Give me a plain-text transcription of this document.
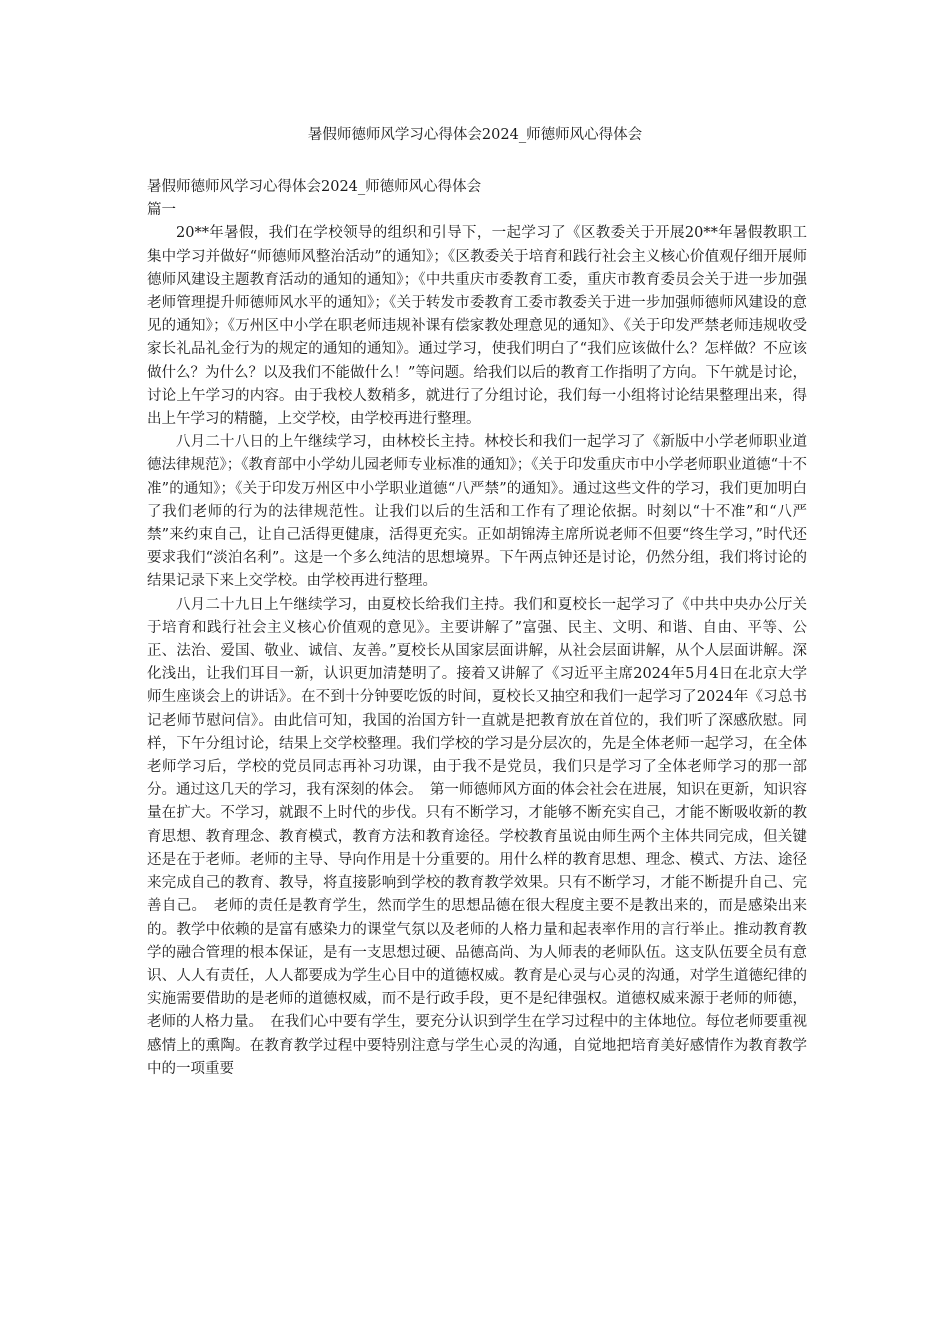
暑假师德师风学习心得体会2024_师德师风心得体会

暑假师德师风学习心得体会2024_师德师风心得体会

篇一

20**年暑假，我们在学校领导的组织和引导下，一起学习了《区教委关于开展20**年暑假教职工集中学习并做好“师德师风整治活动”的通知》；《区教委关于培育和践行社会主义核心价值观仔细开展师德师风建设主题教育活动的通知的通知》；《中共重庆市委教育工委，重庆市教育委员会关于进一步加强老师管理提升师德师风水平的通知》；《关于转发市委教育工委市教委关于进一步加强师德师风建设的意见的通知》；《万州区中小学在职老师违规补课有偿家教处理意见的通知》、《关于印发严禁老师违规收受家长礼品礼金行为的规定的通知的通知》。通过学习，使我们明白了“我们应该做什么？怎样做？不应该做什么？为什么？以及我们不能做什么！”等问题。给我们以后的教育工作指明了方向。下午就是讨论，讨论上午学习的内容。由于我校人数稍多，就进行了分组讨论，我们每一小组将讨论结果整理出来，得出上午学习的精髓，上交学校，由学校再进行整理。

八月二十八日的上午继续学习，由林校长主持。林校长和我们一起学习了《新版中小学老师职业道德法律规范》；《教育部中小学幼儿园老师专业标准的通知》；《关于印发重庆市中小学老师职业道德“十不准”的通知》；《关于印发万州区中小学职业道德“八严禁”的通知》。通过这些文件的学习，我们更加明白了我们老师的行为的法律规范性。让我们以后的生活和工作有了理论依据。时刻以“十不准”和“八严禁”来约束自己，让自己活得更健康，活得更充实。正如胡锦涛主席所说老师不但要“终生学习，”时代还要求我们“淡泊名利”。这是一个多么纯洁的思想境界。下午两点钟还是讨论，仍然分组，我们将讨论的结果记录下来上交学校。由学校再进行整理。

八月二十九日上午继续学习，由夏校长给我们主持。我们和夏校长一起学习了《中共中央办公厅关于培育和践行社会主义核心价值观的意见》。主要讲解了”富强、民主、文明、和谐、自由、平等、公正、法治、爱国、敬业、诚信、友善。”夏校长从国家层面讲解，从社会层面讲解，从个人层面讲解。深化浅出，让我们耳目一新，认识更加清楚明了。接着又讲解了《习近平主席2024年5月4日在北京大学师生座谈会上的讲话》。在不到十分钟要吃饭的时间，夏校长又抽空和我们一起学习了2024年《习总书记老师节慰问信》。由此信可知，我国的治国方针一直就是把教育放在首位的，我们听了深感欣慰。同样，下午分组讨论，结果上交学校整理。我们学校的学习是分层次的，先是全体老师一起学习，在全体老师学习后，学校的党员同志再补习功课，由于我不是党员，我们只是学习了全体老师学习的那一部分。通过这几天的学习，我有深刻的体会。　第一师德师风方面的体会社会在进展，知识在更新，知识容量在扩大。不学习，就跟不上时代的步伐。只有不断学习，才能够不断充实自己，才能不断吸收新的教育思想、教育理念、教育模式，教育方法和教育途径。学校教育虽说由师生两个主体共同完成，但关键还是在于老师。老师的主导、导向作用是十分重要的。用什么样的教育思想、理念、模式、方法、途径来完成自己的教育、教导，将直接影响到学校的教育教学效果。只有不断学习，才能不断提升自己、完善自己。　老师的责任是教育学生，然而学生的思想品德在很大程度主要不是教出来的，而是感染出来的。教学中依赖的是富有感染力的课堂气氛以及老师的人格力量和起表率作用的言行举止。推动教育教学的融合管理的根本保证，是有一支思想过硬、品德高尚、为人师表的老师队伍。这支队伍要全员有意识、人人有责任，人人都要成为学生心目中的道德权威。教育是心灵与心灵的沟通，对学生道德纪律的实施需要借助的是老师的道德权威，而不是行政手段，更不是纪律强权。道德权威来源于老师的师德，老师的人格力量。　在我们心中要有学生，要充分认识到学生在学习过程中的主体地位。每位老师要重视感情上的熏陶。在教育教学过程中要特别注意与学生心灵的沟通，自觉地把培育美好感情作为教育教学中的一项重要
